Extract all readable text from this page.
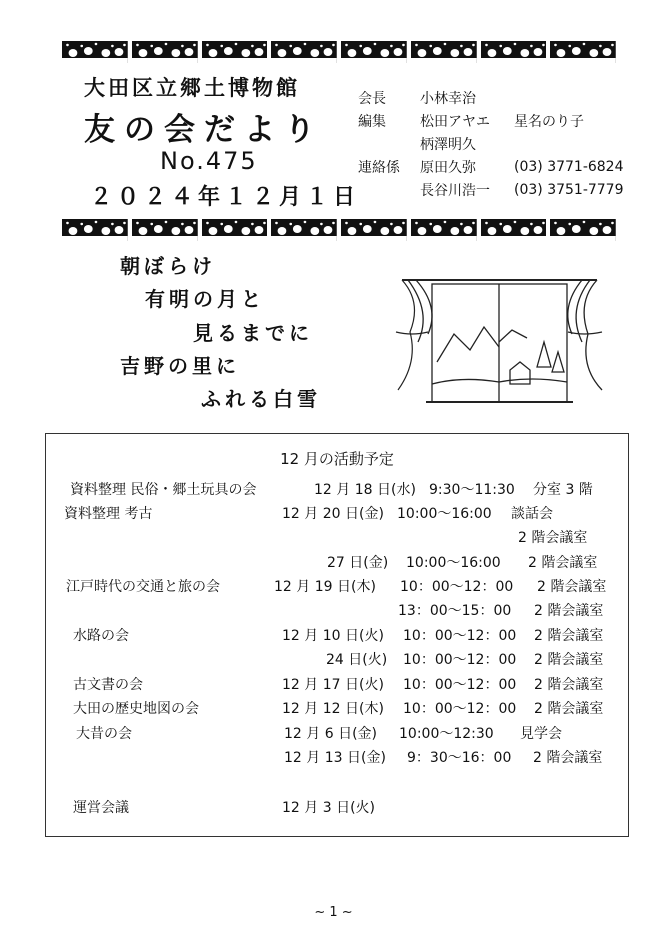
大田区立郷土博物館
友の会だより
No.475
２０２４年１２月１日
会長	小林幸治
編集	松田アヤエ	星名のり子
柄澤明久
連絡係	原田久弥	(03) 3771-6824
長谷川浩一	(03) 3751-7779
朝ぼらけ
有明の月と
見るまでに
吉野の里に
ふれる白雪
12 月の活動予定
資料整理 民俗・郷土玩具の会	12 月 18 日(水) 9:30〜11:30 分室 3 階
資料整理 考古	12 月 20 日(金) 10:00〜16:00 談話会
2 階会議室
27 日(金) 10:00〜16:00 2 階会議室
江戸時代の交通と旅の会	12 月 19 日(木) 10：00〜12：00 2 階会議室
13：00〜15：00 2 階会議室
水路の会	12 月 10 日(火) 10：00〜12：00 2 階会議室
24 日(火) 10：00〜12：00 2 階会議室
古文書の会	12 月 17 日(火) 10：00〜12：00 2 階会議室
大田の歴史地図の会	12 月 12 日(木) 10：00〜12：00 2 階会議室
大昔の会	12 月 6 日(金) 10:00〜12:30 見学会
12 月 13 日(金) 9：30〜16：00 2 階会議室
運営会議	12 月 3 日(火)
~ 1 ~
